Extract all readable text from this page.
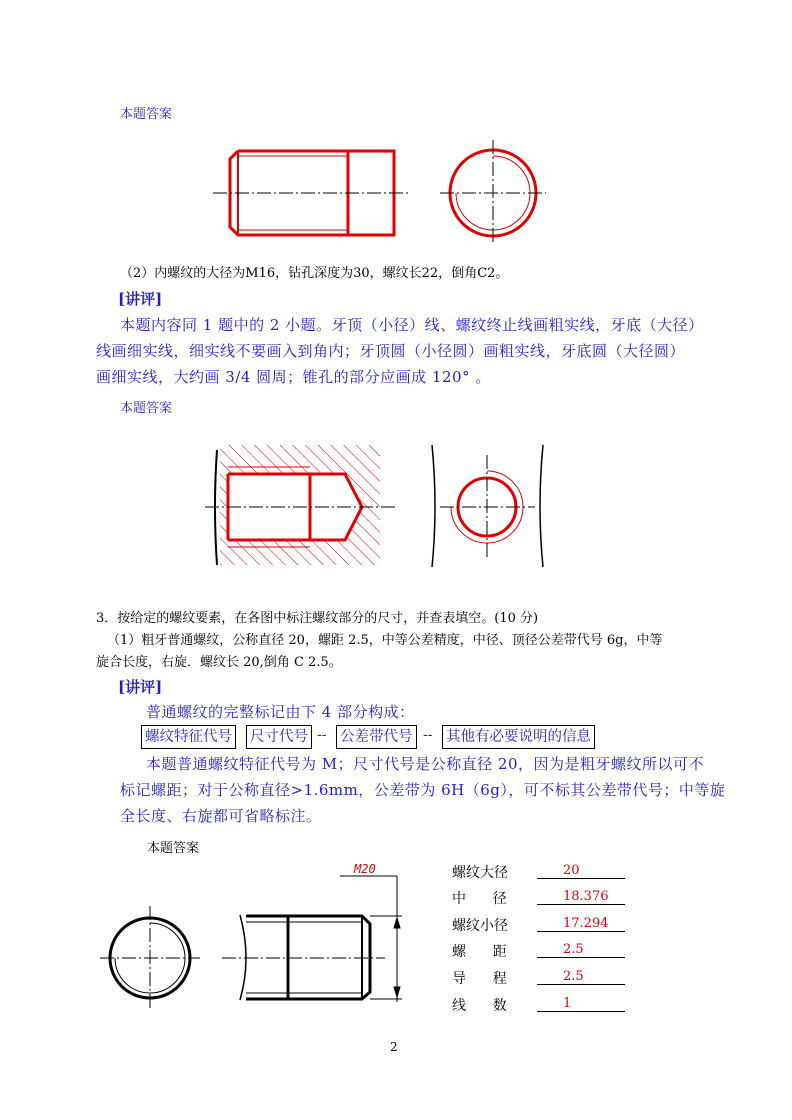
本题答案
（2）内螺纹的大径为M16，钻孔深度为30，螺纹长22，倒角C2。
[讲评]
本题内容同 1 题中的 2 小题。牙顶（小径）线、螺纹终止线画粗实线，牙底（大径）
线画细实线，细实线不要画入到角内；牙顶圆（小径圆）画粗实线，牙底圆（大径圆）
画细实线，大约画 3/4 圆周；锥孔的部分应画成 120° 。
本题答案
3．按给定的螺纹要素，在各图中标注螺纹部分的尺寸，并查表填空。(10 分)
（1）粗牙普通螺纹，公称直径 20，螺距 2.5，中等公差精度，中径、顶径公差带代号 6g，中等
旋合长度，右旋．螺纹长 20,倒角 C 2.5。
[讲评]
普通螺纹的完整标记由下 4 部分构成：
螺纹特征代号 尺寸代号 -- 公差带代号 -- 其他有必要说明的信息
本题普通螺纹特征代号为 M；尺寸代号是公称直径 20，因为是粗牙螺纹所以可不
标记螺距；对于公称直径>1.6mm，公差带为 6H（6g），可不标其公差带代号；中等旋
全长度、右旋都可省略标注。
本题答案
M20	螺纹大径	20
中      径	18.376
螺纹小径	17.294
螺      距	2.5
导      程	2.5
线      数	1
2
